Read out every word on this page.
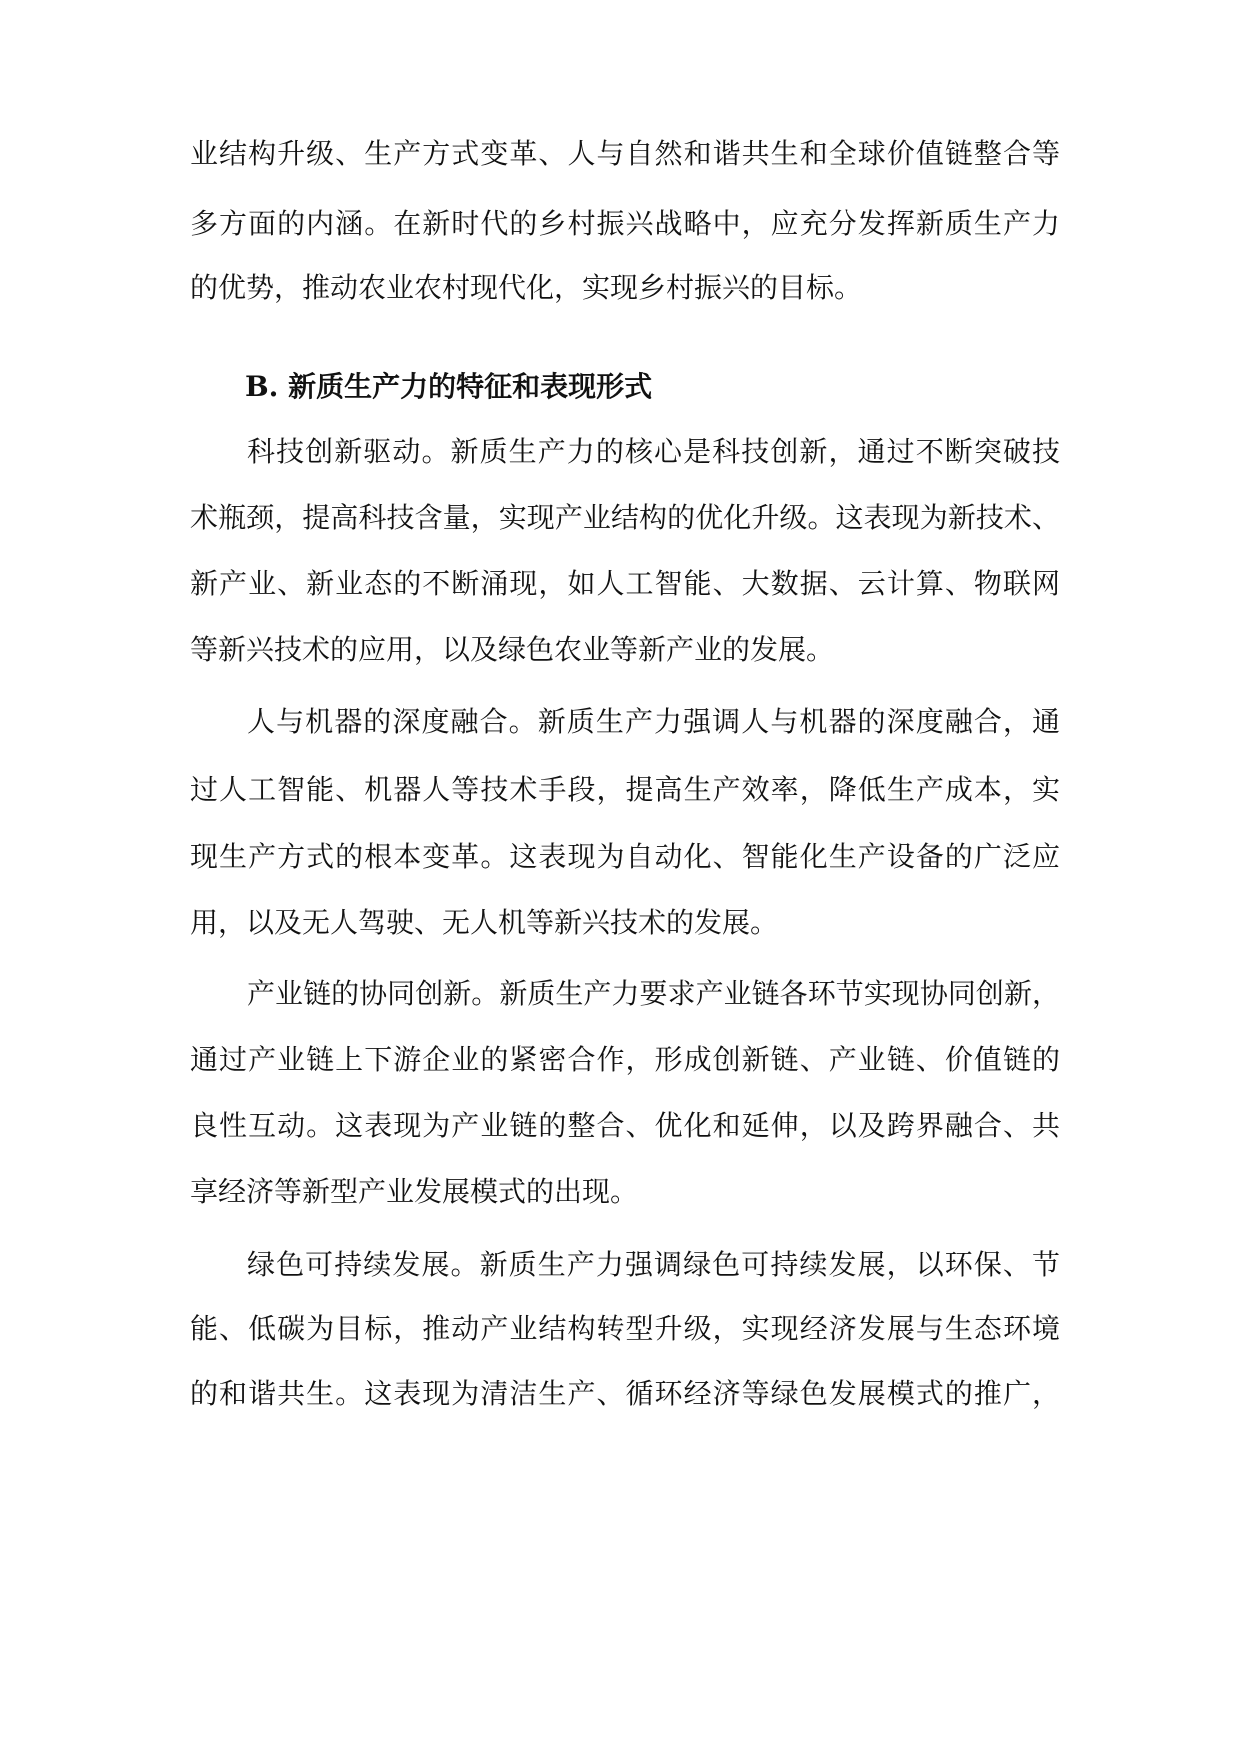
业结构升级、生产方式变革、人与自然和谐共生和全球价值链整合等
多方面的内涵。在新时代的乡村振兴战略中，应充分发挥新质生产力
的优势，推动农业农村现代化，实现乡村振兴的目标。
B. 新质生产力的特征和表现形式
科技创新驱动。新质生产力的核心是科技创新，通过不断突破技
术瓶颈，提高科技含量，实现产业结构的优化升级。这表现为新技术、
新产业、新业态的不断涌现，如人工智能、大数据、云计算、物联网
等新兴技术的应用，以及绿色农业等新产业的发展。
人与机器的深度融合。新质生产力强调人与机器的深度融合，通
过人工智能、机器人等技术手段，提高生产效率，降低生产成本，实
现生产方式的根本变革。这表现为自动化、智能化生产设备的广泛应
用，以及无人驾驶、无人机等新兴技术的发展。
产业链的协同创新。新质生产力要求产业链各环节实现协同创新，
通过产业链上下游企业的紧密合作，形成创新链、产业链、价值链的
良性互动。这表现为产业链的整合、优化和延伸，以及跨界融合、共
享经济等新型产业发展模式的出现。
绿色可持续发展。新质生产力强调绿色可持续发展，以环保、节
能、低碳为目标，推动产业结构转型升级，实现经济发展与生态环境
的和谐共生。这表现为清洁生产、循环经济等绿色发展模式的推广，
